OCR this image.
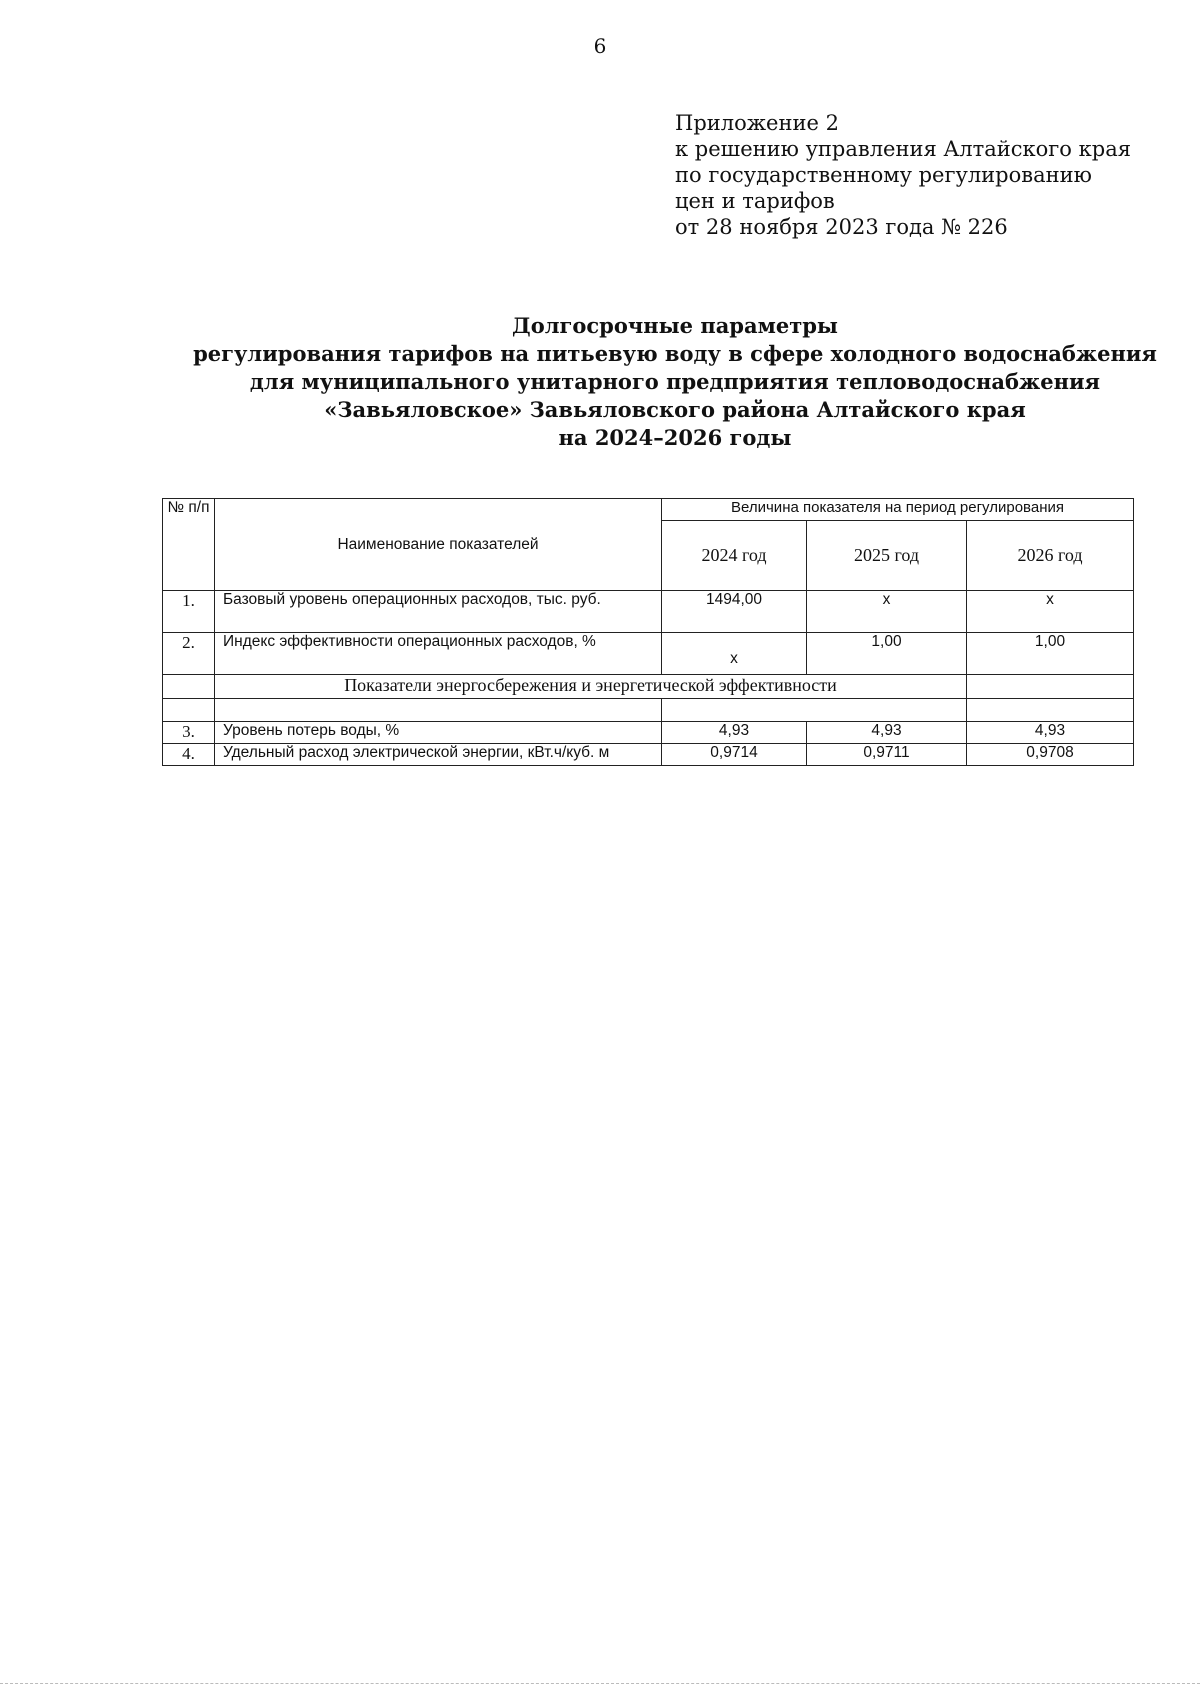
6
Приложение 2
к решению управления Алтайского края
по государственному регулированию
цен и тарифов
от 28 ноября 2023 года № 226
Долгосрочные параметры
регулирования тарифов на питьевую воду в сфере холодного водоснабжения
для муниципального унитарного предприятия тепловодоснабжения
«Завьяловское» Завьяловского района Алтайского края
на 2024–2026 годы
№ п/п	Наименование показателей	Величина показателя на период регулирования		
		2024 год	2025 год	2026 год
1.	Базовый уровень операционных расходов, тыс. руб.	1494,00	х	х
2.	Индекс эффективности операционных расходов, %	х	1,00	1,00
	Показатели энергосбережения и энергетической эффективности			

3.	Уровень потерь воды, %	4,93	4,93	4,93
4.	Удельный расход электрической энергии, кВт.ч/куб. м	0,9714	0,9711	0,9708
